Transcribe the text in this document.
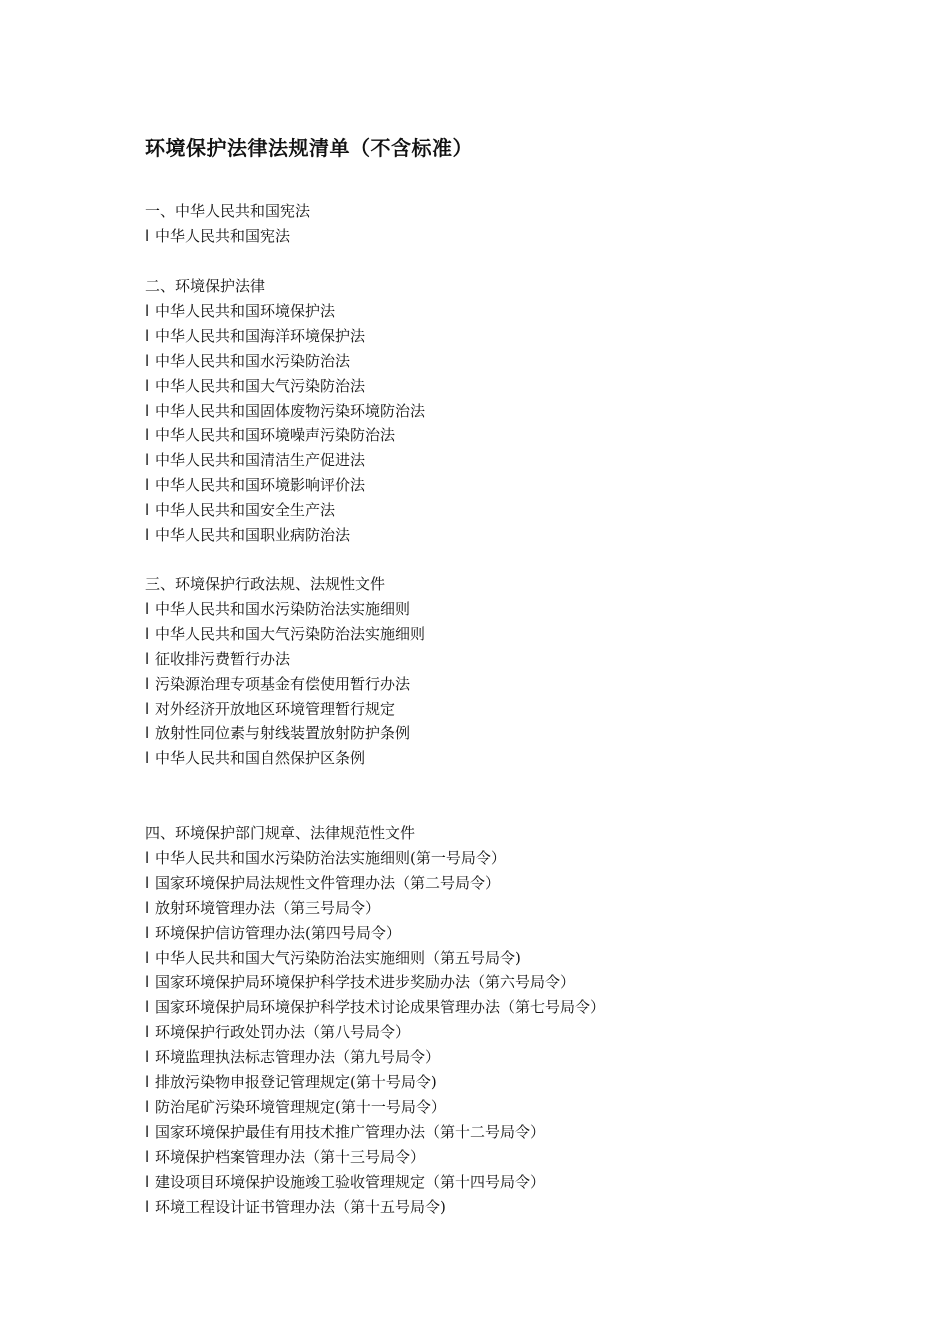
环境保护法律法规清单（不含标准）
一、中华人民共和国宪法
l 中华人民共和国宪法
二、环境保护法律
l 中华人民共和国环境保护法
l 中华人民共和国海洋环境保护法
l 中华人民共和国水污染防治法
l 中华人民共和国大气污染防治法
l 中华人民共和国固体废物污染环境防治法
l 中华人民共和国环境噪声污染防治法
l 中华人民共和国清洁生产促进法
l 中华人民共和国环境影响评价法
l 中华人民共和国安全生产法
l 中华人民共和国职业病防治法
三、环境保护行政法规、法规性文件
l 中华人民共和国水污染防治法实施细则
l 中华人民共和国大气污染防治法实施细则
l 征收排污费暂行办法
l 污染源治理专项基金有偿使用暂行办法
l 对外经济开放地区环境管理暂行规定
l 放射性同位素与射线装置放射防护条例
l 中华人民共和国自然保护区条例
四、环境保护部门规章、法律规范性文件
l 中华人民共和国水污染防治法实施细则(第一号局令）
l 国家环境保护局法规性文件管理办法（第二号局令）
l 放射环境管理办法（第三号局令）
l 环境保护信访管理办法(第四号局令）
l 中华人民共和国大气污染防治法实施细则（第五号局令)
l 国家环境保护局环境保护科学技术进步奖励办法（第六号局令）
l 国家环境保护局环境保护科学技术讨论成果管理办法（第七号局令）
l 环境保护行政处罚办法（第八号局令）
l 环境监理执法标志管理办法（第九号局令）
l 排放污染物申报登记管理规定(第十号局令)
l 防治尾矿污染环境管理规定(第十一号局令）
l 国家环境保护最佳有用技术推广管理办法（第十二号局令）
l 环境保护档案管理办法（第十三号局令）
l 建设项目环境保护设施竣工验收管理规定（第十四号局令）
l 环境工程设计证书管理办法（第十五号局令)
